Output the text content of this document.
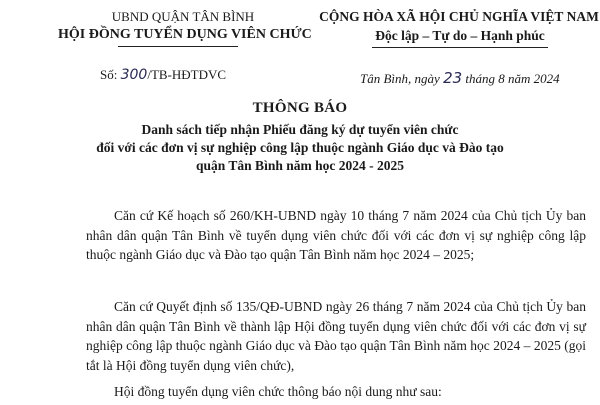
UBND QUẬN TÂN BÌNH
HỘI ĐỒNG TUYỂN DỤNG VIÊN CHỨC
CỘNG HÒA XÃ HỘI CHỦ NGHĨA VIỆT NAM
Độc lập – Tự do – Hạnh phúc
Số: 300/TB-HĐTDVC	Tân Bình, ngày 23 tháng 8 năm 2024
THÔNG BÁO
Danh sách tiếp nhận Phiếu đăng ký dự tuyển viên chức
đối với các đơn vị sự nghiệp công lập thuộc ngành Giáo dục và Đào tạo
quận Tân Bình năm học 2024 - 2025
Căn cứ Kế hoạch số 260/KH-UBND ngày 10 tháng 7 năm 2024 của Chủ tịch Ủy ban nhân dân quận Tân Bình về tuyển dụng viên chức đối với các đơn vị sự nghiệp công lập thuộc ngành Giáo dục và Đào tạo quận Tân Bình năm học 2024 – 2025;
Căn cứ Quyết định số 135/QĐ-UBND ngày 26 tháng 7 năm 2024 của Chủ tịch Ủy ban nhân dân quận Tân Bình về thành lập Hội đồng tuyển dụng viên chức đối với các đơn vị sự nghiệp công lập thuộc ngành Giáo dục và Đào tạo quận Tân Bình năm học 2024 – 2025 (gọi tắt là Hội đồng tuyển dụng viên chức),
Hội đồng tuyển dụng viên chức thông báo nội dung như sau:
